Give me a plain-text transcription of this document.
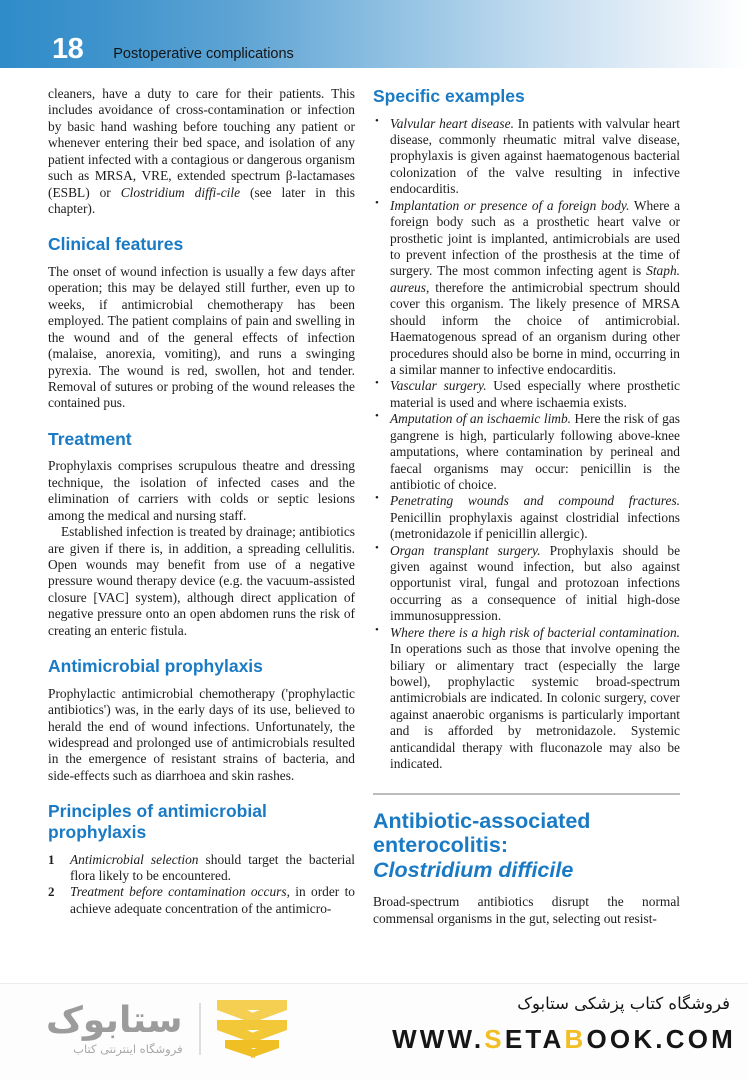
18 Postoperative complications

cleaners, have a duty to care for their patients. This includes avoidance of cross-contamination or infection by basic hand washing before touching any patient or whenever entering their bed space, and isolation of any patient infected with a contagious or dangerous organism such as MRSA, VRE, extended spectrum β-lactamases (ESBL) or Clostridium diffi-cile (see later in this chapter).

Clinical features

The onset of wound infection is usually a few days after operation; this may be delayed still further, even up to weeks, if antimicrobial chemotherapy has been employed. The patient complains of pain and swelling in the wound and of the general effects of infection (malaise, anorexia, vomiting), and runs a swinging pyrexia. The wound is red, swollen, hot and tender. Removal of sutures or probing of the wound releases the contained pus.

Treatment

Prophylaxis comprises scrupulous theatre and dressing technique, the isolation of infected cases and the elimination of carriers with colds or septic lesions among the medical and nursing staff.

Established infection is treated by drainage; antibiotics are given if there is, in addition, a spreading cellulitis. Open wounds may benefit from use of a negative pressure wound therapy device (e.g. the vacuum-assisted closure [VAC] system), although direct application of negative pressure onto an open abdomen runs the risk of creating an enteric fistula.

Antimicrobial prophylaxis

Prophylactic antimicrobial chemotherapy ('prophylactic antibiotics') was, in the early days of its use, believed to herald the end of wound infections. Unfortunately, the widespread and prolonged use of antimicrobials resulted in the emergence of resistant strains of bacteria, and side-effects such as diarrhoea and skin rashes.

Principles of antimicrobial prophylaxis
1 Antimicrobial selection should target the bacterial flora likely to be encountered.
2 Treatment before contamination occurs, in order to achieve adequate concentration of the antimicro-
Specific examples
• Valvular heart disease. In patients with valvular heart disease, commonly rheumatic mitral valve disease, prophylaxis is given against haematogenous bacterial colonization of the valve resulting in infective endocarditis.
• Implantation or presence of a foreign body. Where a foreign body such as a prosthetic heart valve or prosthetic joint is implanted, antimicrobials are used to prevent infection of the prosthesis at the time of surgery. The most common infecting agent is Staph. aureus, therefore the antimicrobial spectrum should cover this organism. The likely presence of MRSA should inform the choice of antimicrobial. Haematogenous spread of an organism during other procedures should also be borne in mind, occurring in a similar manner to infective endocarditis.
• Vascular surgery. Used especially where prosthetic material is used and where ischaemia exists.
• Amputation of an ischaemic limb. Here the risk of gas gangrene is high, particularly following above-knee amputations, where contamination by perineal and faecal organisms may occur: penicillin is the antibiotic of choice.
• Penetrating wounds and compound fractures. Penicillin prophylaxis against clostridial infections (metronidazole if penicillin allergic).
• Organ transplant surgery. Prophylaxis should be given against wound infection, but also against opportunist viral, fungal and protozoan infections occurring as a consequence of initial high-dose immunosuppression.
• Where there is a high risk of bacterial contamination. In operations such as those that involve opening the biliary or alimentary tract (especially the large bowel), prophylactic systemic broad-spectrum antimicrobials are indicated. In colonic surgery, cover against anaerobic organisms is particularly important and is afforded by metronidazole. Systemic anticandidal therapy with fluconazole may also be indicated.
Antibiotic-associated
enterocolitis:
Clostridium difficile

Broad-spectrum antibiotics disrupt the normal commensal organisms in the gut, selecting out resist-

ستابوک
فروشگاه اینترنتی کتاب
فروشگاه کتاب پزشکی ستابوک
WWW.SETABOOK.COM
